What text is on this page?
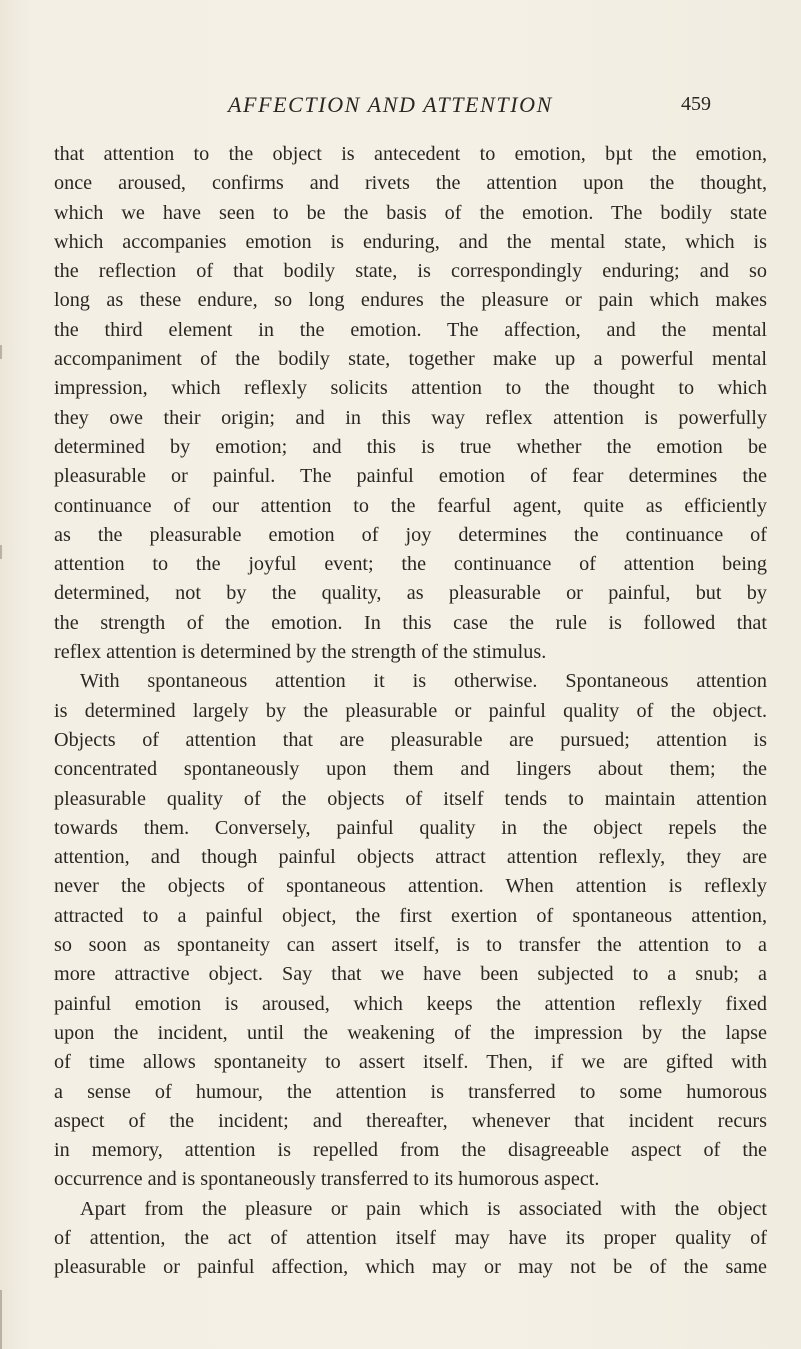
AFFECTION AND ATTENTION	459
that attention to the object is antecedent to emotion, bµt the emotion,
once aroused, confirms and rivets the attention upon the thought,
which we have seen to be the basis of the emotion. The bodily state
which accompanies emotion is enduring, and the mental state, which is
the reflection of that bodily state, is correspondingly enduring; and so
long as these endure, so long endures the pleasure or pain which makes
the third element in the emotion. The affection, and the mental
accompaniment of the bodily state, together make up a powerful mental
impression, which reflexly solicits attention to the thought to which
they owe their origin; and in this way reflex attention is powerfully
determined by emotion; and this is true whether the emotion be
pleasurable or painful. The painful emotion of fear determines the
continuance of our attention to the fearful agent, quite as efficiently
as the pleasurable emotion of joy determines the continuance of
attention to the joyful event; the continuance of attention being
determined, not by the quality, as pleasurable or painful, but by
the strength of the emotion. In this case the rule is followed that
reflex attention is determined by the strength of the stimulus.
With spontaneous attention it is otherwise. Spontaneous attention
is determined largely by the pleasurable or painful quality of the object.
Objects of attention that are pleasurable are pursued; attention is
concentrated spontaneously upon them and lingers about them; the
pleasurable quality of the objects of itself tends to maintain attention
towards them. Conversely, painful quality in the object repels the
attention, and though painful objects attract attention reflexly, they are
never the objects of spontaneous attention. When attention is reflexly
attracted to a painful object, the first exertion of spontaneous attention,
so soon as spontaneity can assert itself, is to transfer the attention to a
more attractive object. Say that we have been subjected to a snub; a
painful emotion is aroused, which keeps the attention reflexly fixed
upon the incident, until the weakening of the impression by the lapse
of time allows spontaneity to assert itself. Then, if we are gifted with
a sense of humour, the attention is transferred to some humorous
aspect of the incident; and thereafter, whenever that incident recurs
in memory, attention is repelled from the disagreeable aspect of the
occurrence and is spontaneously transferred to its humorous aspect.
Apart from the pleasure or pain which is associated with the object
of attention, the act of attention itself may have its proper quality of
pleasurable or painful affection, which may or may not be of the same
